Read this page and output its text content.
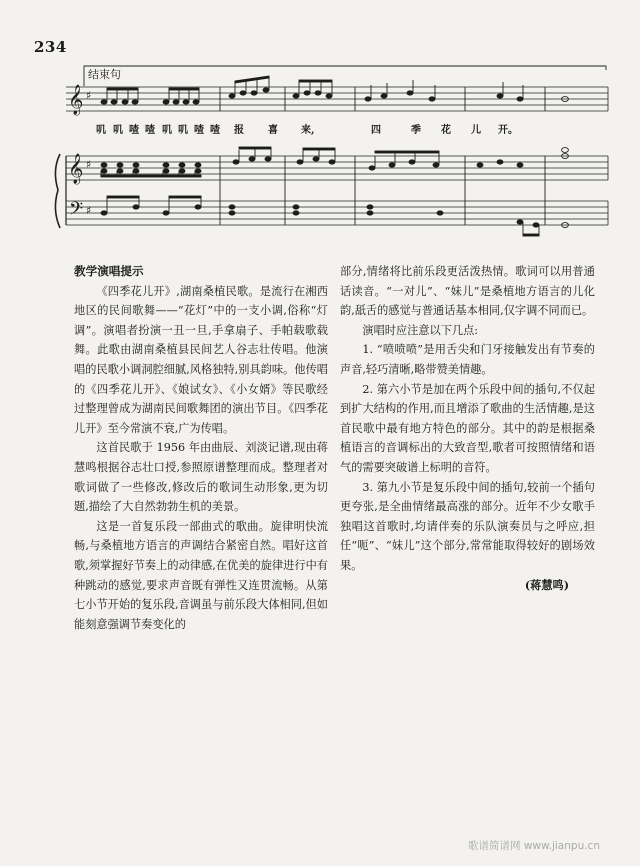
234
𝄞
𝄞
𝄢
♯
♯
♯
结束句
叽 叽 喳 喳 叽 叽 喳 喳 报 喜 来,	四	季 花 儿 开。

教学演唱提示

《四季花儿开》,湖南桑植民歌。是流行在湘西地区的民间歌舞——“花灯”中的一支小调,俗称“灯调”。演唱者扮演一丑一旦,手拿扇子、手帕载歌载舞。此歌由湖南桑植县民间艺人谷志壮传唱。他演唱的民歌小调洞腔细腻,风格独特,别具韵味。他传唱的《四季花儿开》、《娘试女》、《小女婿》等民歌经过整理曾成为湖南民间歌舞团的演出节目。《四季花儿开》至今常演不衰,广为传唱。

这首民歌于 1956 年由曲辰、刘淡记谱,现由蒋慧鸣根据谷志壮口授,参照原谱整理而成。整理者对歌词做了一些修改,修改后的歌词生动形象,更为切题,描绘了大自然勃勃生机的美景。

这是一首复乐段一部曲式的歌曲。旋律明快流畅,与桑植地方语言的声调结合紧密自然。唱好这首歌,须掌握好节奏上的动律感,在优美的旋律进行中有种跳动的感觉,要求声音既有弹性又连贯流畅。从第七小节开始的复乐段,音调虽与前乐段大体相同,但如能刻意强调节奏变化的

部分,情绪将比前乐段更活泼热情。歌词可以用普通话读音。“一对儿”、“妹儿”是桑植地方语言的儿化韵,舐舌的感觉与普通话基本相同,仅字调不同而已。

演唱时应注意以下几点:

1. “喷喷喷”是用舌尖和门牙接触发出有节奏的声音,轻巧清晰,略带赞美情趣。

2. 第六小节是加在两个乐段中间的插句,不仅起到扩大结构的作用,而且增添了歌曲的生活情趣,是这首民歌中最有地方特色的部分。其中的韵是根据桑植语言的音调标出的大致音型,歌者可按照情绪和语气的需要突破谱上标明的音符。

3. 第九小节是复乐段中间的插句,较前一个插句更夸张,是全曲情绪最高涨的部分。近年不少女歌手独唱这首歌时,均请伴奏的乐队演奏员与之呼应,担任“呃”、“妹儿”这个部分,常常能取得较好的剧场效果。

(蒋慧鸣)

歌谱简谱网 www.jianpu.cn
